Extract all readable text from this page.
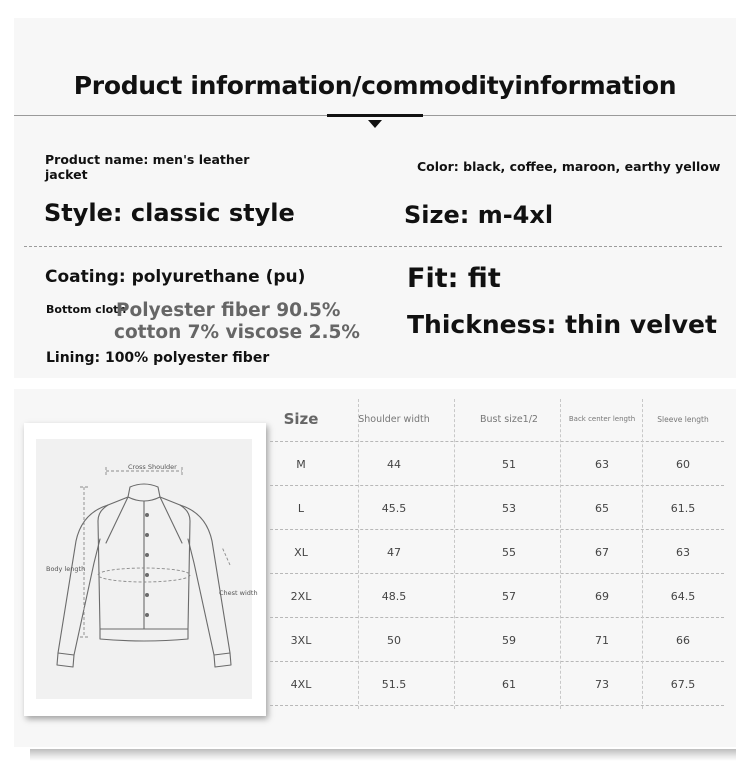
Product information/commodityinformation
Product name: men's leather jacket
Color: black, coffee, maroon, earthy yellow
Style: classic style	Size: m-4xl
Coating: polyurethane (pu)	Fit: fit
Bottom cloth
Polyester fiber 90.5%
cotton 7% viscose 2.5% Thickness: thin velvet
Lining: 100% polyester fiber
Cross Shoulder
Body length
Chest width
Size	Shoulder width	Bust size1/2	Back center length	Sleeve length
M	44	51	63	60
L	45.5	53	65	61.5
XL	47	55	67	63
2XL	48.5	57	69	64.5
3XL	50	59	71	66
4XL	51.5	61	73	67.5
